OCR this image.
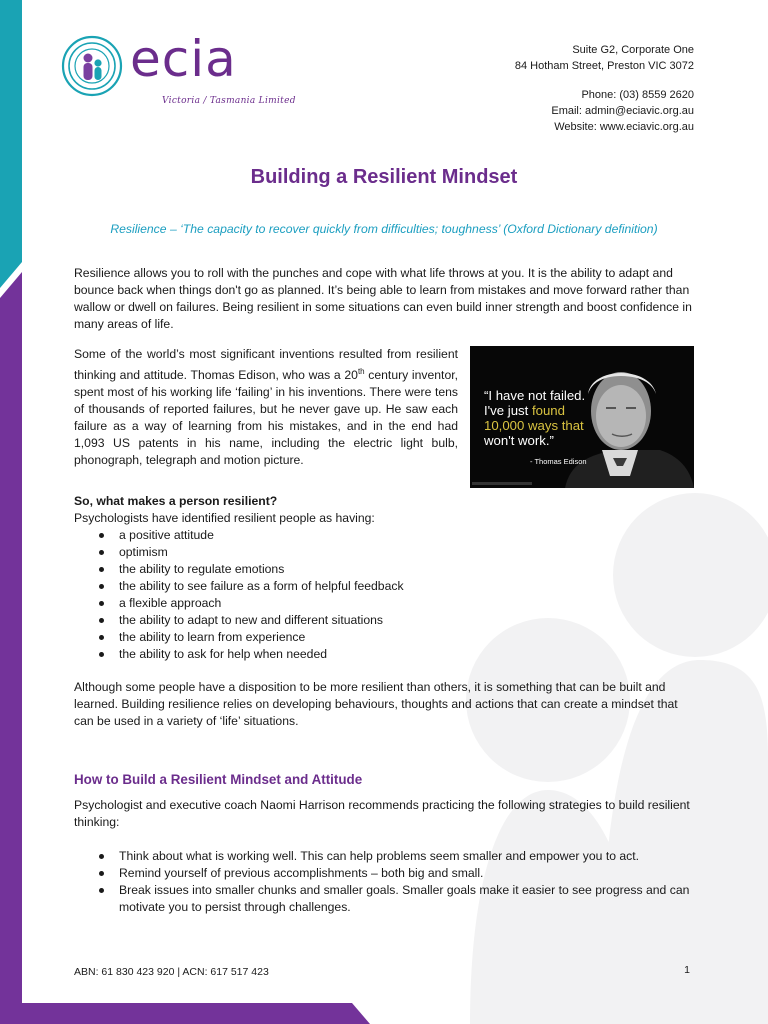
ecia
Victoria / Tasmania Limited
Suite G2, Corporate One
84 Hotham Street, Preston VIC 3072
Phone: (03) 8559 2620
Email: admin@eciavic.org.au
Website: www.eciavic.org.au
Building a Resilient Mindset
Resilience – ‘The capacity to recover quickly from difficulties; toughness’ (Oxford Dictionary definition)

Resilience allows you to roll with the punches and cope with what life throws at you. It is the ability to adapt and bounce back when things don't go as planned. It’s being able to learn from mistakes and move forward rather than wallow or dwell on failures. Being resilient in some situations can even build inner strength and boost confidence in many areas of life.

Some of the world’s most significant inventions resulted from resilient thinking and attitude. Thomas Edison, who was a 20th century inventor, spent most of his working life ‘failing’ in his inventions. There were tens of thousands of reported failures, but he never gave up. He saw each failure as a way of learning from his mistakes, and in the end had 1,093 US patents in his name, including the electric light bulb, phonograph, telegraph and motion picture.

“I have not failed.
I've just found
10,000 ways that
won't work.”
- Thomas Edison
So, what makes a person resilient?
Psychologists have identified resilient people as having:
a positive attitude
optimism
the ability to regulate emotions
the ability to see failure as a form of helpful feedback
a flexible approach
the ability to adapt to new and different situations
the ability to learn from experience
the ability to ask for help when needed

Although some people have a disposition to be more resilient than others, it is something that can be built and learned. Building resilience relies on developing behaviours, thoughts and actions that can create a mindset that can be used in a variety of ‘life’ situations.

How to Build a Resilient Mindset and Attitude

Psychologist and executive coach Naomi Harrison recommends practicing the following strategies to build resilient thinking:

Think about what is working well. This can help problems seem smaller and empower you to act.
Remind yourself of previous accomplishments – both big and small.
Break issues into smaller chunks and smaller goals. Smaller goals make it easier to see progress and can motivate you to persist through challenges.
ABN: 61 830 423 920 | ACN: 617 517 423	1
